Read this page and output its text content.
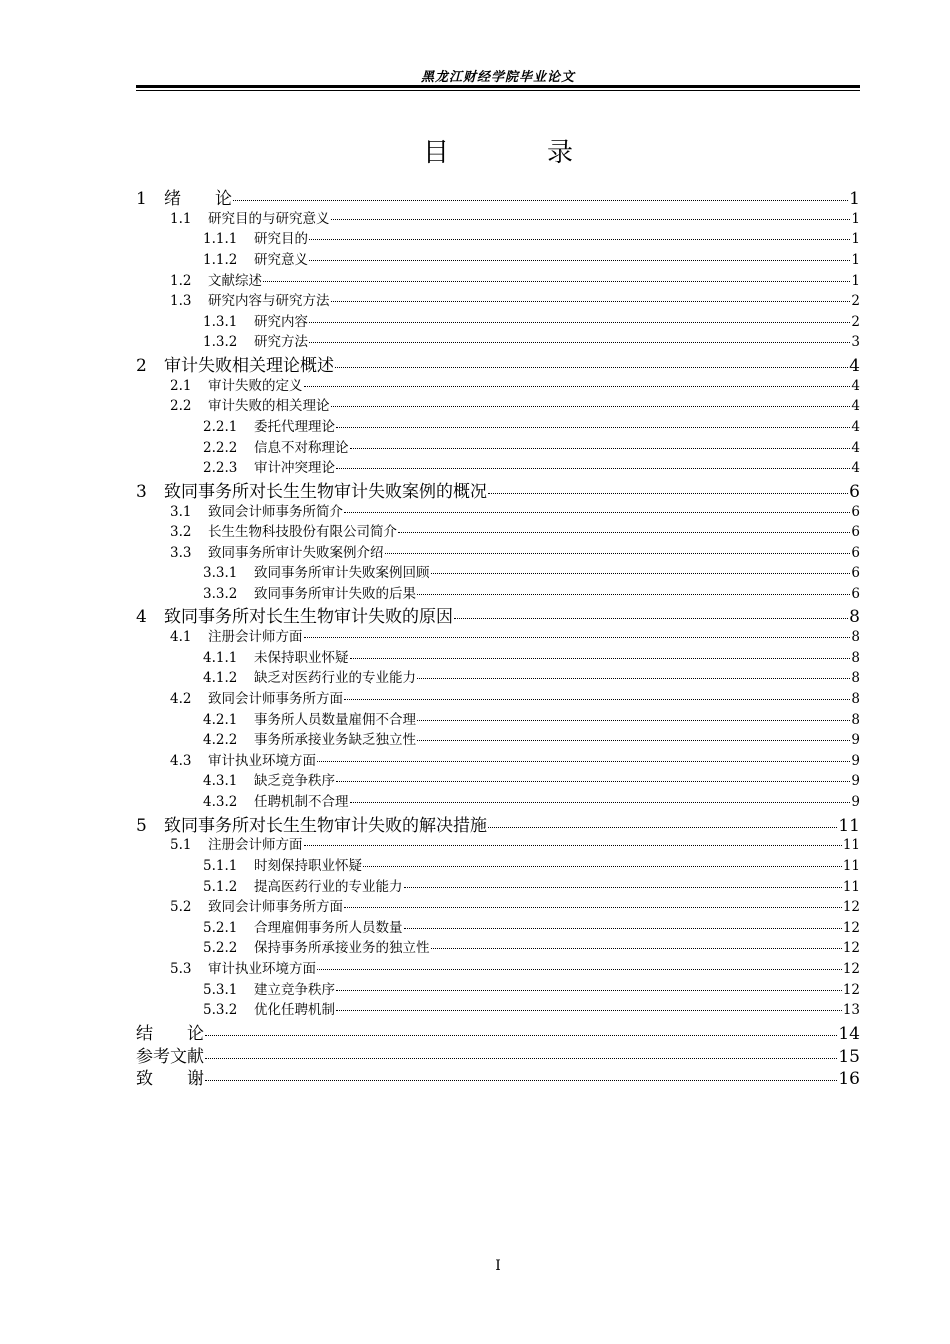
黑龙江财经学院毕业论文
目　录
1	绪　　论	1
1.1	研究目的与研究意义	1
1.1.1	研究目的	1
1.1.2	研究意义	1
1.2	文献综述	1
1.3	研究内容与研究方法	2
1.3.1	研究内容	2
1.3.2	研究方法	3
2	审计失败相关理论概述	4
2.1	审计失败的定义	4
2.2	审计失败的相关理论	4
2.2.1	委托代理理论	4
2.2.2	信息不对称理论	4
2.2.3	审计冲突理论	4
3	致同事务所对长生生物审计失败案例的概况	6
3.1	致同会计师事务所简介	6
3.2	长生生物科技股份有限公司简介	6
3.3	致同事务所审计失败案例介绍	6
3.3.1	致同事务所审计失败案例回顾	6
3.3.2	致同事务所审计失败的后果	6
4	致同事务所对长生生物审计失败的原因	8
4.1	注册会计师方面	8
4.1.1	未保持职业怀疑	8
4.1.2	缺乏对医药行业的专业能力	8
4.2	致同会计师事务所方面	8
4.2.1	事务所人员数量雇佣不合理	8
4.2.2	事务所承接业务缺乏独立性	9
4.3	审计执业环境方面	9
4.3.1	缺乏竞争秩序	9
4.3.2	任聘机制不合理	9
5	致同事务所对长生生物审计失败的解决措施	11
5.1	注册会计师方面	11
5.1.1	时刻保持职业怀疑	11
5.1.2	提高医药行业的专业能力	11
5.2	致同会计师事务所方面	12
5.2.1	合理雇佣事务所人员数量	12
5.2.2	保持事务所承接业务的独立性	12
5.3	审计执业环境方面	12
5.3.1	建立竞争秩序	12
5.3.2	优化任聘机制	13
结　　论	14
参考文献	15
致　　谢	16
I
